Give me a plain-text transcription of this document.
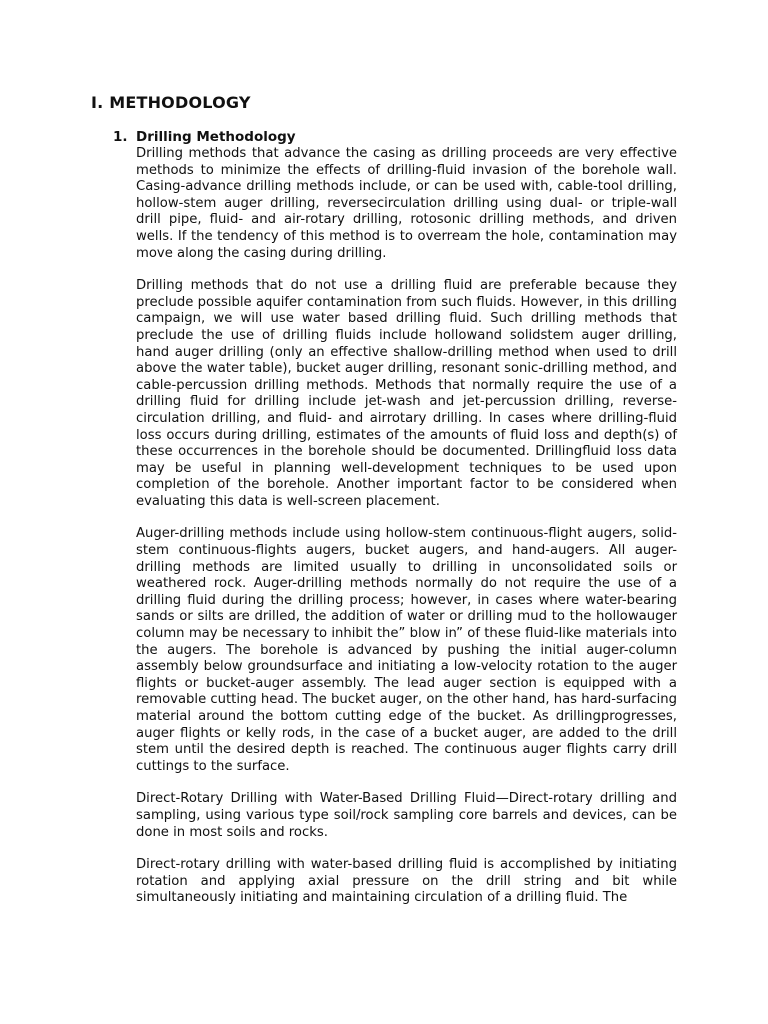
I. METHODOLOGY
1. Drilling Methodology

Drilling methods that advance the casing as drilling proceeds are very effective methods to minimize the effects of drilling-fluid invasion of the borehole wall. Casing-advance drilling methods include, or can be used with, cable-tool drilling, hollow-stem auger drilling, reversecirculation drilling using dual- or triple-wall drill pipe, fluid- and air-rotary drilling, rotosonic drilling methods, and driven wells. If the tendency of this method is to overream the hole, contamination may move along the casing during drilling.

Drilling methods that do not use a drilling fluid are preferable because they preclude possible aquifer contamination from such fluids. However, in this drilling campaign, we will use water based drilling fluid. Such drilling methods that preclude the use of drilling fluids include hollowand solidstem auger drilling, hand auger drilling (only an effective shallow-drilling method when used to drill above the water table), bucket auger drilling, resonant sonic-drilling method, and cable-percussion drilling methods. Methods that normally require the use of a drilling fluid for drilling include jet-wash and jet-percussion drilling, reverse-circulation drilling, and fluid- and airrotary drilling. In cases where drilling-fluid loss occurs during drilling, estimates of the amounts of fluid loss and depth(s) of these occurrences in the borehole should be documented. Drillingfluid loss data may be useful in planning well-development techniques to be used upon completion of the borehole. Another important factor to be considered when evaluating this data is well-screen placement.

Auger-drilling methods include using hollow-stem continuous-flight augers, solid-stem continuous-flights augers, bucket augers, and hand-augers. All auger-drilling methods are limited usually to drilling in unconsolidated soils or weathered rock. Auger-drilling methods normally do not require the use of a drilling fluid during the drilling process; however, in cases where water-bearing sands or silts are drilled, the addition of water or drilling mud to the hollowauger column may be necessary to inhibit the” blow in” of these fluid-like materials into the augers. The borehole is advanced by pushing the initial auger-column assembly below groundsurface and initiating a low-velocity rotation to the auger flights or bucket-auger assembly. The lead auger section is equipped with a removable cutting head. The bucket auger, on the other hand, has hard-surfacing material around the bottom cutting edge of the bucket. As drillingprogresses, auger flights or kelly rods, in the case of a bucket auger, are added to the drill stem until the desired depth is reached. The continuous auger flights carry drill cuttings to the surface.

Direct-Rotary Drilling with Water-Based Drilling Fluid—Direct-rotary drilling and sampling, using various type soil/rock sampling core barrels and devices, can be done in most soils and rocks.

Direct-rotary drilling with water-based drilling fluid is accomplished by initiating rotation and applying axial pressure on the drill string and bit while simultaneously initiating and maintaining circulation of a drilling fluid. The
